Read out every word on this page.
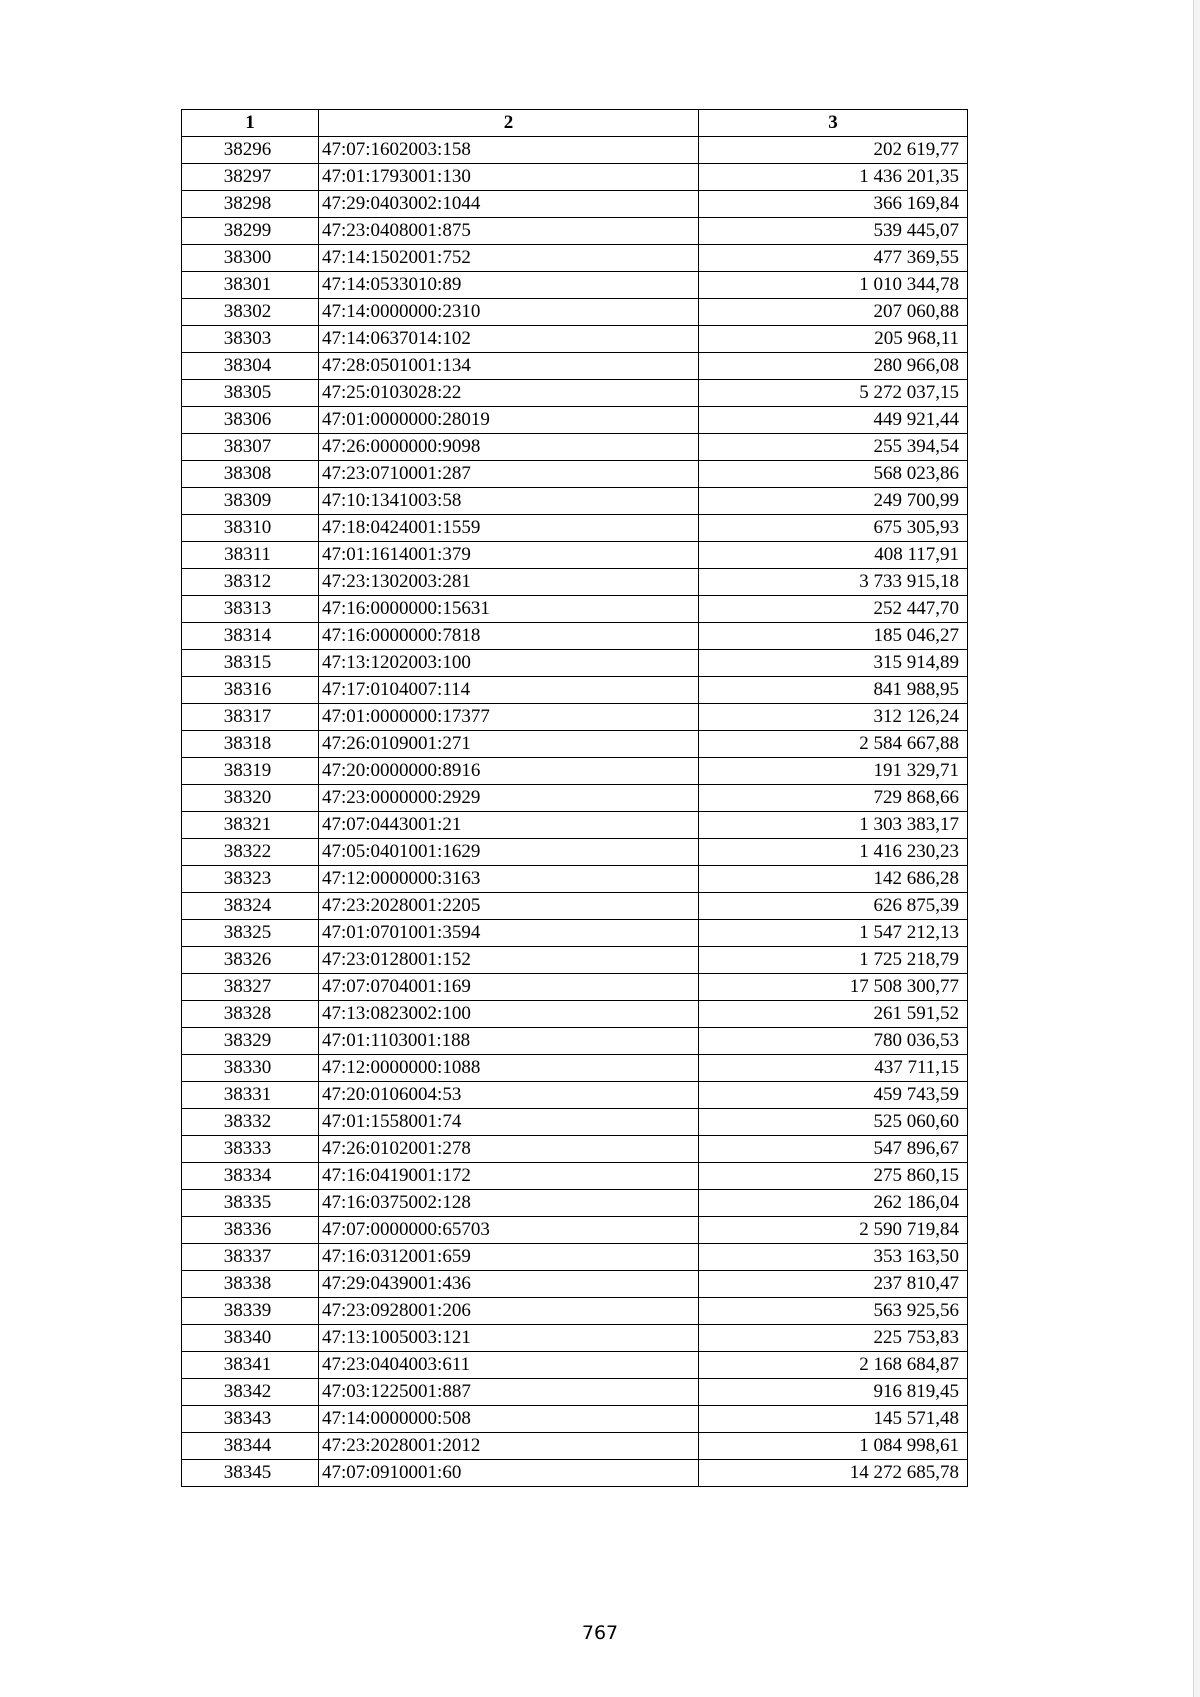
1	2	3
38296	47:07:1602003:158	202 619,77
38297	47:01:1793001:130	1 436 201,35
38298	47:29:0403002:1044	366 169,84
38299	47:23:0408001:875	539 445,07
38300	47:14:1502001:752	477 369,55
38301	47:14:0533010:89	1 010 344,78
38302	47:14:0000000:2310	207 060,88
38303	47:14:0637014:102	205 968,11
38304	47:28:0501001:134	280 966,08
38305	47:25:0103028:22	5 272 037,15
38306	47:01:0000000:28019	449 921,44
38307	47:26:0000000:9098	255 394,54
38308	47:23:0710001:287	568 023,86
38309	47:10:1341003:58	249 700,99
38310	47:18:0424001:1559	675 305,93
38311	47:01:1614001:379	408 117,91
38312	47:23:1302003:281	3 733 915,18
38313	47:16:0000000:15631	252 447,70
38314	47:16:0000000:7818	185 046,27
38315	47:13:1202003:100	315 914,89
38316	47:17:0104007:114	841 988,95
38317	47:01:0000000:17377	312 126,24
38318	47:26:0109001:271	2 584 667,88
38319	47:20:0000000:8916	191 329,71
38320	47:23:0000000:2929	729 868,66
38321	47:07:0443001:21	1 303 383,17
38322	47:05:0401001:1629	1 416 230,23
38323	47:12:0000000:3163	142 686,28
38324	47:23:2028001:2205	626 875,39
38325	47:01:0701001:3594	1 547 212,13
38326	47:23:0128001:152	1 725 218,79
38327	47:07:0704001:169	17 508 300,77
38328	47:13:0823002:100	261 591,52
38329	47:01:1103001:188	780 036,53
38330	47:12:0000000:1088	437 711,15
38331	47:20:0106004:53	459 743,59
38332	47:01:1558001:74	525 060,60
38333	47:26:0102001:278	547 896,67
38334	47:16:0419001:172	275 860,15
38335	47:16:0375002:128	262 186,04
38336	47:07:0000000:65703	2 590 719,84
38337	47:16:0312001:659	353 163,50
38338	47:29:0439001:436	237 810,47
38339	47:23:0928001:206	563 925,56
38340	47:13:1005003:121	225 753,83
38341	47:23:0404003:611	2 168 684,87
38342	47:03:1225001:887	916 819,45
38343	47:14:0000000:508	145 571,48
38344	47:23:2028001:2012	1 084 998,61
38345	47:07:0910001:60	14 272 685,78
767
